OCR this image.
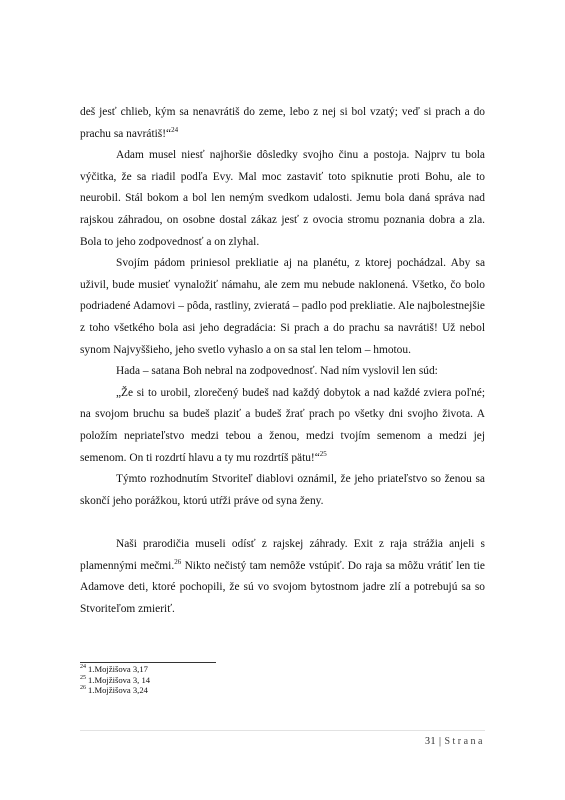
deš jesť chlieb, kým sa nenavrátiš do zeme, lebo z nej si bol vzatý; veď si prach a do prachu sa navrátiš!“$^{24}$

Adam musel niesť najhoršie dôsledky svojho činu a postoja. Najprv tu bola výčitka, že sa riadil podľa Evy. Mal moc zastaviť toto spiknutie proti Bohu, ale to neurobil. Stál bokom a bol len nemým svedkom udalosti. Jemu bola daná správa nad rajskou záhradou, on osobne dostal zákaz jesť z ovocia stromu poznania dobra a zla. Bola to jeho zodpovednosť a on zlyhal.

Svojím pádom priniesol prekliatie aj na planétu, z ktorej pochádzal. Aby sa uživil, bude musieť vynaložiť námahu, ale zem mu nebude naklonená. Všetko, čo bolo podriadené Adamovi – pôda, rastliny, zvieratá – padlo pod prekliatie. Ale najbolestnejšie z toho všetkého bola asi jeho degradácia: Si prach a do prachu sa navrátiš! Už nebol synom Najvyššieho, jeho svetlo vyhaslo a on sa stal len telom – hmotou.

Hada – satana Boh nebral na zodpovednosť. Nad ním vyslovil len súd:

„Že si to urobil, zlorečený budeš nad každý dobytok a nad každé zviera poľné; na svojom bruchu sa budeš plaziť a budeš žrať prach po všetky dni svojho života. A položím nepriateľstvo medzi tebou a ženou, medzi tvojím semenom a medzi jej semenom. On ti rozdrtí hlavu a ty mu rozdrtíš pätu!“$^{25}$

Týmto rozhodnutím Stvoriteľ diablovi oznámil, že jeho priateľstvo so ženou sa skončí jeho porážkou, ktorú utŕži práve od syna ženy.

Naši prarodičia museli odísť z rajskej záhrady. Exit z raja strážia anjeli s plamennými mečmi.$^{26}$ Nikto nečistý tam nemôže vstúpiť. Do raja sa môžu vrátiť len tie Adamove deti, ktoré pochopili, že sú vo svojom bytostnom jadre zlí a potrebujú sa so Stvoriteľom zmieriť.

$^{24}$ 1.Mojžišova 3,17
$^{25}$ 1.Mojžišova 3, 14
$^{26}$ 1.Mojžišova 3,24
31 | Strana
